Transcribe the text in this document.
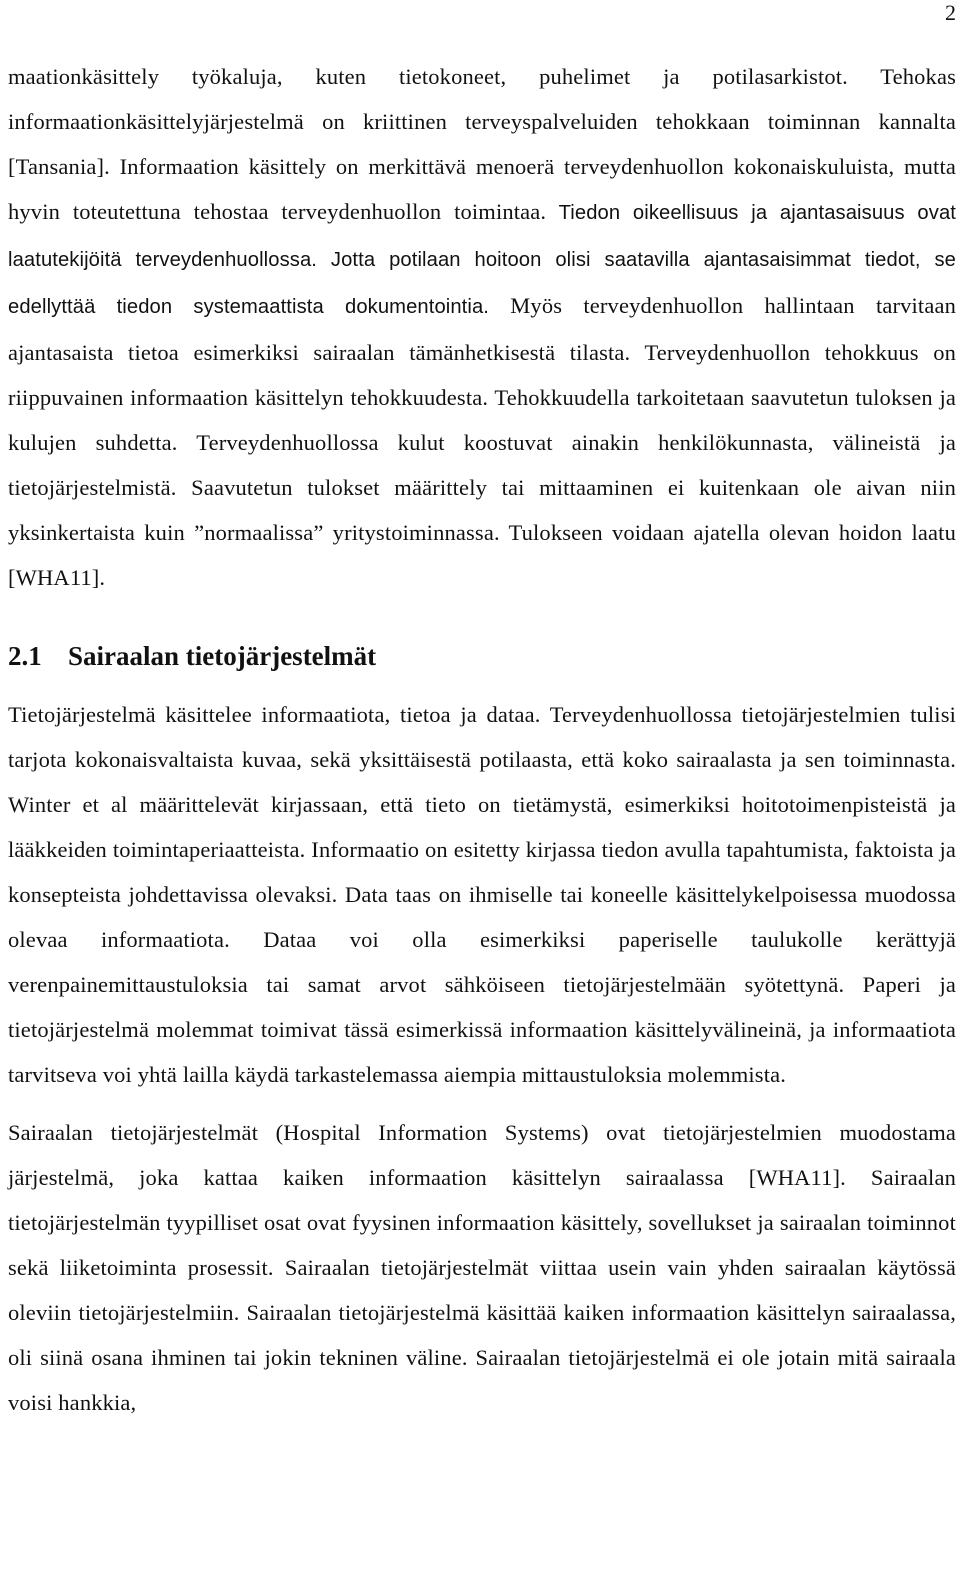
2

maationkäsittely työkaluja, kuten tietokoneet, puhelimet ja potilasarkistot. Tehokas informaationkäsittelyjärjestelmä on kriittinen terveyspalveluiden tehokkaan toiminnan kannalta [Tansania]. Informaation käsittely on merkittävä menoerä terveydenhuollon kokonaiskuluista, mutta hyvin toteutettuna tehostaa terveydenhuollon toimintaa. Tiedon oikeellisuus ja ajantasaisuus ovat laatutekijöitä terveydenhuollossa. Jotta potilaan hoitoon olisi saatavilla ajantasaisimmat tiedot, se edellyttää tiedon systemaattista dokumentointia. Myös terveydenhuollon hallintaan tarvitaan ajantasaista tietoa esimerkiksi sairaalan tämänhetkisestä tilasta. Terveydenhuollon tehokkuus on riippuvainen informaation käsittelyn tehokkuudesta. Tehokkuudella tarkoitetaan saavutetun tuloksen ja kulujen suhdetta. Terveydenhuollossa kulut koostuvat ainakin henkilökunnasta, välineistä ja tietojärjestelmistä. Saavutetun tulokset määrittely tai mittaaminen ei kuitenkaan ole aivan niin yksinkertaista kuin ”normaalissa” yritystoiminnassa. Tulokseen voidaan ajatella olevan hoidon laatu [WHA11].

2.1 Sairaalan tietojärjestelmät

Tietojärjestelmä käsittelee informaatiota, tietoa ja dataa. Terveydenhuollossa tietojärjestelmien tulisi tarjota kokonaisvaltaista kuvaa, sekä yksittäisestä potilaasta, että koko sairaalasta ja sen toiminnasta. Winter et al määrittelevät kirjassaan, että tieto on tietämystä, esimerkiksi hoitotoimenpisteistä ja lääkkeiden toimintaperiaatteista. Informaatio on esitetty kirjassa tiedon avulla tapahtumista, faktoista ja konsepteista johdettavissa olevaksi. Data taas on ihmiselle tai koneelle käsittelykelpoisessa muodossa olevaa informaatiota. Dataa voi olla esimerkiksi paperiselle taulukolle kerättyjä verenpainemittaustuloksia tai samat arvot sähköiseen tietojärjestelmään syötettynä. Paperi ja tietojärjestelmä molemmat toimivat tässä esimerkissä informaation käsittelyvälineinä, ja informaatiota tarvitseva voi yhtä lailla käydä tarkastelemassa aiempia mittaustuloksia molemmista.

Sairaalan tietojärjestelmät (Hospital Information Systems) ovat tietojärjestelmien muodostama järjestelmä, joka kattaa kaiken informaation käsittelyn sairaalassa [WHA11]. Sairaalan tietojärjestelmän tyypilliset osat ovat fyysinen informaation käsittely, sovellukset ja sairaalan toiminnot sekä liiketoiminta prosessit. Sairaalan tietojärjestelmät viittaa usein vain yhden sairaalan käytössä oleviin tietojärjestelmiin. Sairaalan tietojärjestelmä käsittää kaiken informaation käsittelyn sairaalassa, oli siinä osana ihminen tai jokin tekninen väline. Sairaalan tietojärjestelmä ei ole jotain mitä sairaala voisi hankkia,
